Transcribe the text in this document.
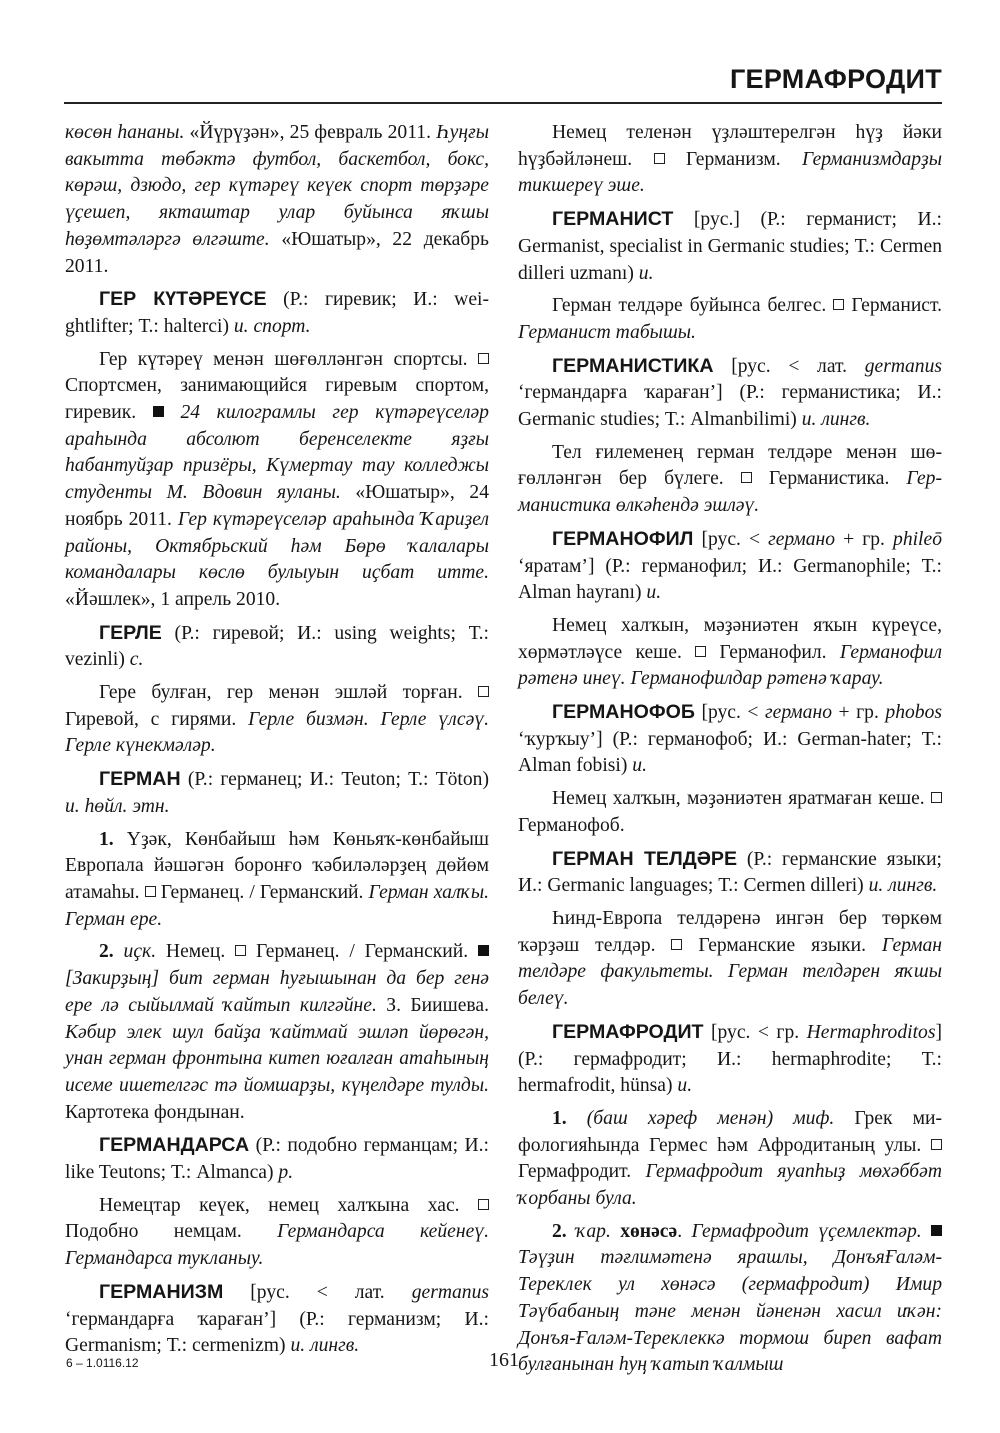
ГЕРМАФРОДИТ

көсөн һананы. «Йүрүҙән», 25 февраль 2011. Һуңғы вакытта төбәктә футбол, баскетбол, бокс, көрәш, дзюдо, гер күтәреү кеүек спорт төрҙәре үҫешеп, якташтар улар буйынса яҡшы һөҙөмтәләргә өлгәште. «Юшатыр», 22 декабрь 2011.

ГЕР КҮТӘРЕҮСЕ (Р.: гиревик; И.: weightlifter; Т.: halterci) и. спорт.

Гер күтәреү менән шөғөлләнгән спортсы.  Спортсмен, занимающийся гиревым спортом, гиревик.  24 килограмлы гер күтәреүселәр араһында абсолют беренселекте яҙғы һабантуйҙар призёры, Күмертау тау колледжы студенты М. Вдовин яуланы. «Юшатыр», 24 ноябрь 2011. Гер күтәреүселәр араһында Ҡариҙел районы, Октябрьский һәм Бөрө ҡалалары командалары көслө булыуын иҫбат итте. «Йәшлек», 1 апрель 2010.

ГЕРЛЕ (Р.: гиревой; И.: using weights; Т.: vezinli) с.

Гере булған, гер менән эшләй торған.  Гиревой, с гирями. Герле бизмән. Герле үлсәү. Герле күнекмәләр.

ГЕРМАН (Р.: германец; И.: Teuton; Т.: Töton) и. һөйл. этн.

1. Үҙәк, Көнбайыш һәм Көньяҡ-көнбайыш Европала йәшәгән боронғо ҡәбиләләрҙең дөйөм атамаһы.  Германец. / Германский. Герман халҡы. Герман ере.

2. иҫк. Немец.  Германец. / Германский.  [Закирҙың] бит герман һуғышынан да бер генә ере лә сыйылмай ҡайтып килгәйне. З. Биишева. Кәбир элек шул байҙа ҡайтмай эшләп йөрөгән, унан герман фронтына китеп юғалған атаһының исеме ишетелгәс тә йомшарҙы, күңелдәре тулды. Картотека фондынан.

ГЕРМАНДАРСА (Р.: подобно германцам; И.: like Teutons; Т.: Almanca) р.

Немецтар кеүек, немец халҡына хас.  Подобно немцам. Германдарса кейенеү. Германдарса тукланыу.

ГЕРМАНИЗМ [рус. < лат. germanus ‘германдарға ҡараған’] (Р.: германизм; И.: Germanism; Т.: cermenizm) и. лингв.

Немец теленән үҙләштерелгән һүҙ йәки һүҙбәйләнеш.  Германизм. Германизмдарҙы тикшереү эше.

ГЕРМАНИСТ [рус.] (Р.: германист; И.: Germanist, specialist in Germanic studies; Т.: Cermen dilleri uzmanı) и.

Герман телдәре буйынса белгес.  Германист. Германист табышы.

ГЕРМАНИСТИКА [рус. < лат. germanus ‘германдарға ҡараған’] (Р.: германистика; И.: Germanic studies; Т.: Almanbilimi) и. лингв.

Тел ғилеменең герман телдәре менән шөғөлләнгән бер бүлеге.  Германистика. Германистика өлкәһендә эшләү.

ГЕРМАНОФИЛ [рус. < германо + гр. phileō ‘яратам’] (Р.: германофил; И.: Germanophile; Т.: Alman hayranı) и.

Немец халҡын, мәҙәниәтен яҡын күреүсе, хөрмәтләүсе кеше.  Германофил. Германофил рәтенә инеү. Германофилдар рәтенә ҡарау.

ГЕРМАНОФОБ [рус. < германо + гр. phobos ‘ҡурҡыу’] (Р.: германофоб; И.: German-hater; Т.: Alman fobisi) и.

Немец халҡын, мәҙәниәтен яратмаған кеше.  Германофоб.

ГЕРМАН ТЕЛДӘРЕ (Р.: германские языки; И.: Germanic languages; Т.: Cermen dilleri) и. лингв.

Һинд-Европа телдәренә ингән бер төркөм ҡәрҙәш телдәр.  Германские языки. Герман телдәре факультеты. Герман телдәрен яҡшы белеү.

ГЕРМАФРОДИТ [рус. < гр. Hermaphroditos] (Р.: гермафродит; И.: hermaphrodite; Т.: hermafrodit, hünsa) и.

1. (баш хәреф менән) миф. Грек мифологияһында Гермес һәм Афродитаның улы.  Гермафродит. Гермафродит яуапһыҙ мөхәббәт ҡорбаны була.

2. ҡар. хөнәсә. Гермафродит үҫемлектәр.  Тәүҙин тәғлимәтенә ярашлы, ДонъяҒаләм-Тереклек ул хөнәсә (гермафродит) Имир Тәүбабаның тәне менән йәненән хасил иҡән: Донъя-Ғаләм-Тереклеккә тормош биреп вафат булғанынан һуң ҡатып ҡалмыш

6 – 1.0116.12	161
